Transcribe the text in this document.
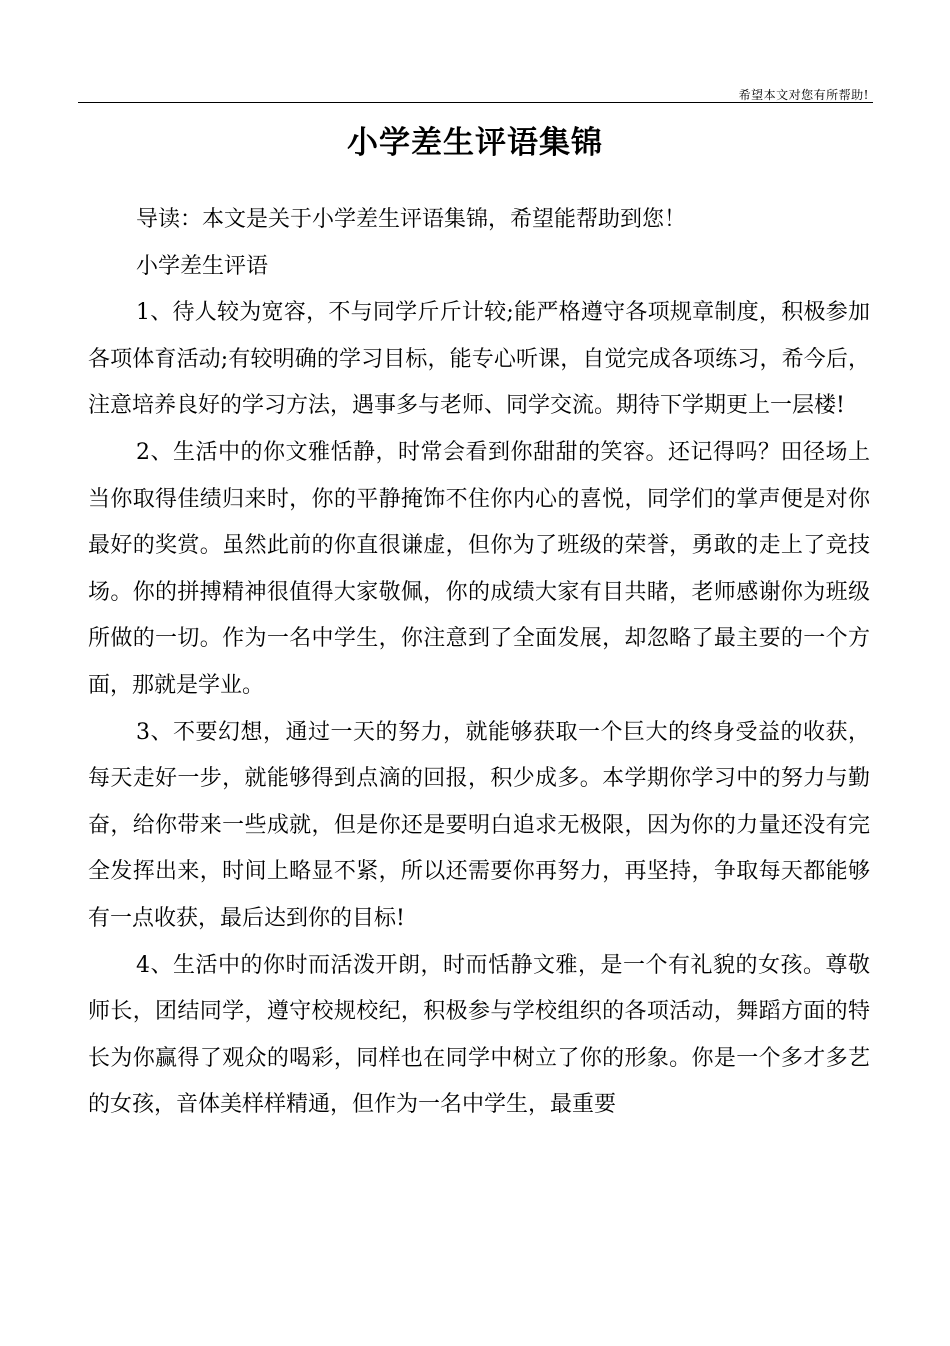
希望本文对您有所帮助!
小学差生评语集锦

导读：本文是关于小学差生评语集锦，希望能帮助到您！

小学差生评语

1、待人较为宽容，不与同学斤斤计较;能严格遵守各项规章制度，积极参加各项体育活动;有较明确的学习目标，能专心听课，自觉完成各项练习，希今后，注意培养良好的学习方法，遇事多与老师、同学交流。期待下学期更上一层楼!

2、生活中的你文雅恬静，时常会看到你甜甜的笑容。还记得吗？田径场上当你取得佳绩归来时，你的平静掩饰不住你内心的喜悦，同学们的掌声便是对你最好的奖赏。虽然此前的你直很谦虚，但你为了班级的荣誉，勇敢的走上了竞技场。你的拼搏精神很值得大家敬佩，你的成绩大家有目共睹，老师感谢你为班级所做的一切。作为一名中学生，你注意到了全面发展，却忽略了最主要的一个方面，那就是学业。

3、不要幻想，通过一天的努力，就能够获取一个巨大的终身受益的收获，每天走好一步，就能够得到点滴的回报，积少成多。本学期你学习中的努力与勤奋，给你带来一些成就，但是你还是要明白追求无极限，因为你的力量还没有完全发挥出来，时间上略显不紧，所以还需要你再努力，再坚持，争取每天都能够有一点收获，最后达到你的目标!

4、生活中的你时而活泼开朗，时而恬静文雅，是一个有礼貌的女孩。尊敬师长，团结同学，遵守校规校纪，积极参与学校组织的各项活动，舞蹈方面的特长为你赢得了观众的喝彩，同样也在同学中树立了你的形象。你是一个多才多艺的女孩，音体美样样精通，但作为一名中学生，最重要
